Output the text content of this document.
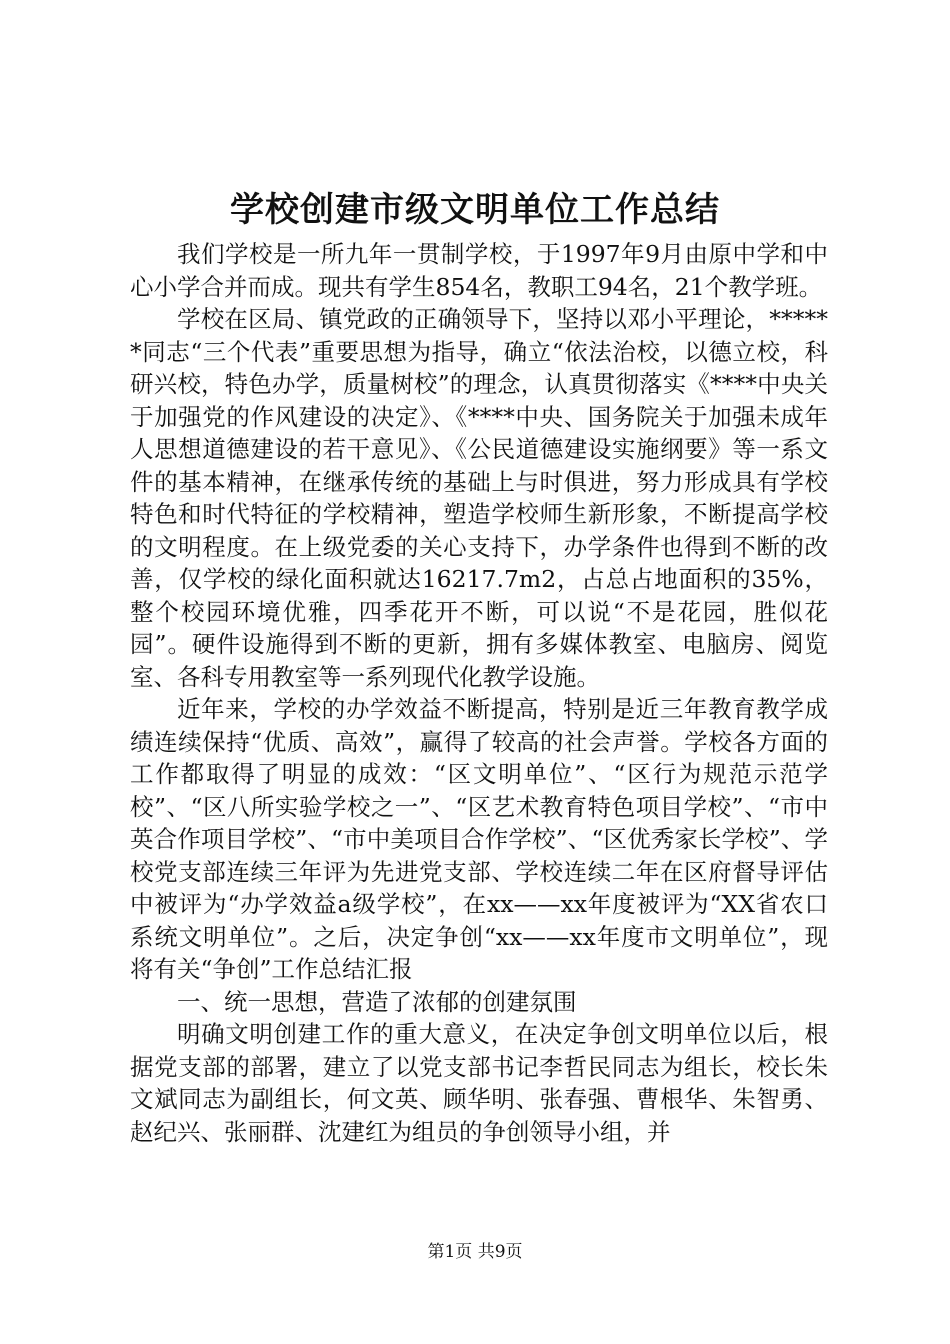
学校创建市级文明单位工作总结

我们学校是一所九年一贯制学校，于1997年9月由原中学和中心小学合并而成。现共有学生854名，教职工94名，21个教学班。

学校在区局、镇党政的正确领导下，坚持以邓小平理论，******同志“三个代表”重要思想为指导，确立“依法治校，以德立校，科研兴校，特色办学，质量树校”的理念，认真贯彻落实《****中央关于加强党的作风建设的决定》、《****中央、国务院关于加强未成年人思想道德建设的若干意见》、《公民道德建设实施纲要》等一系文件的基本精神，在继承传统的基础上与时俱进，努力形成具有学校特色和时代特征的学校精神，塑造学校师生新形象，不断提高学校的文明程度。在上级党委的关心支持下，办学条件也得到不断的改善，仅学校的绿化面积就达16217.7m2，占总占地面积的35%，整个校园环境优雅，四季花开不断，可以说“不是花园，胜似花园”。硬件设施得到不断的更新，拥有多媒体教室、电脑房、阅览室、各科专用教室等一系列现代化教学设施。

近年来，学校的办学效益不断提高，特别是近三年教育教学成绩连续保持“优质、高效”，赢得了较高的社会声誉。学校各方面的工作都取得了明显的成效：“区文明单位”、“区行为规范示范学校”、“区八所实验学校之一”、“区艺术教育特色项目学校”、“市中英合作项目学校”、“市中美项目合作学校”、“区优秀家长学校”、学校党支部连续三年评为先进党支部、学校连续二年在区府督导评估中被评为“办学效益a级学校”，在xx——xx年度被评为“XX省农口系统文明单位”。之后，决定争创“xx——xx年度市文明单位”，现将有关“争创”工作总结汇报

一、统一思想，营造了浓郁的创建氛围

明确文明创建工作的重大意义，在决定争创文明单位以后，根据党支部的部署，建立了以党支部书记李哲民同志为组长，校长朱文斌同志为副组长，何文英、顾华明、张春强、曹根华、朱智勇、赵纪兴、张丽群、沈建红为组员的争创领导小组，并

第1页 共9页
